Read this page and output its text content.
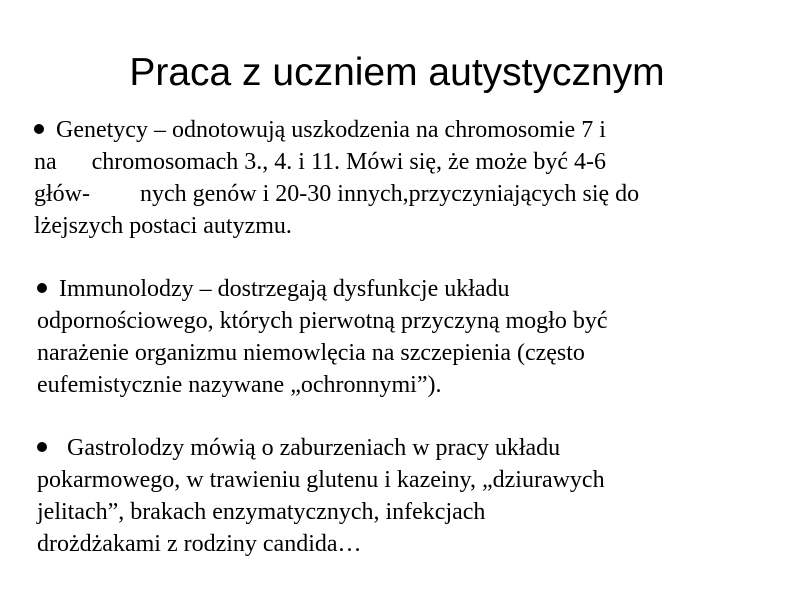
Praca z uczniem autystycznym
Genetycy – odnotowują uszkodzenia na chromosomie 7 i
na chromosomach 3., 4. i 11. Mówi się, że może być 4-6
głów- nych genów i 20-30 innych,przyczyniających się do
lżejszych postaci autyzmu.
Immunolodzy – dostrzegają dysfunkcje układu
odpornościowego, których pierwotną przyczyną mogło być
narażenie organizmu niemowlęcia na szczepienia (często
eufemistycznie nazywane „ochronnymi”).
Gastrolodzy mówią o zaburzeniach w pracy układu
pokarmowego, w trawieniu glutenu i kazeiny, „dziurawych
jelitach”, brakach enzymatycznych, infekcjach
drożdżakami z rodziny candida…
